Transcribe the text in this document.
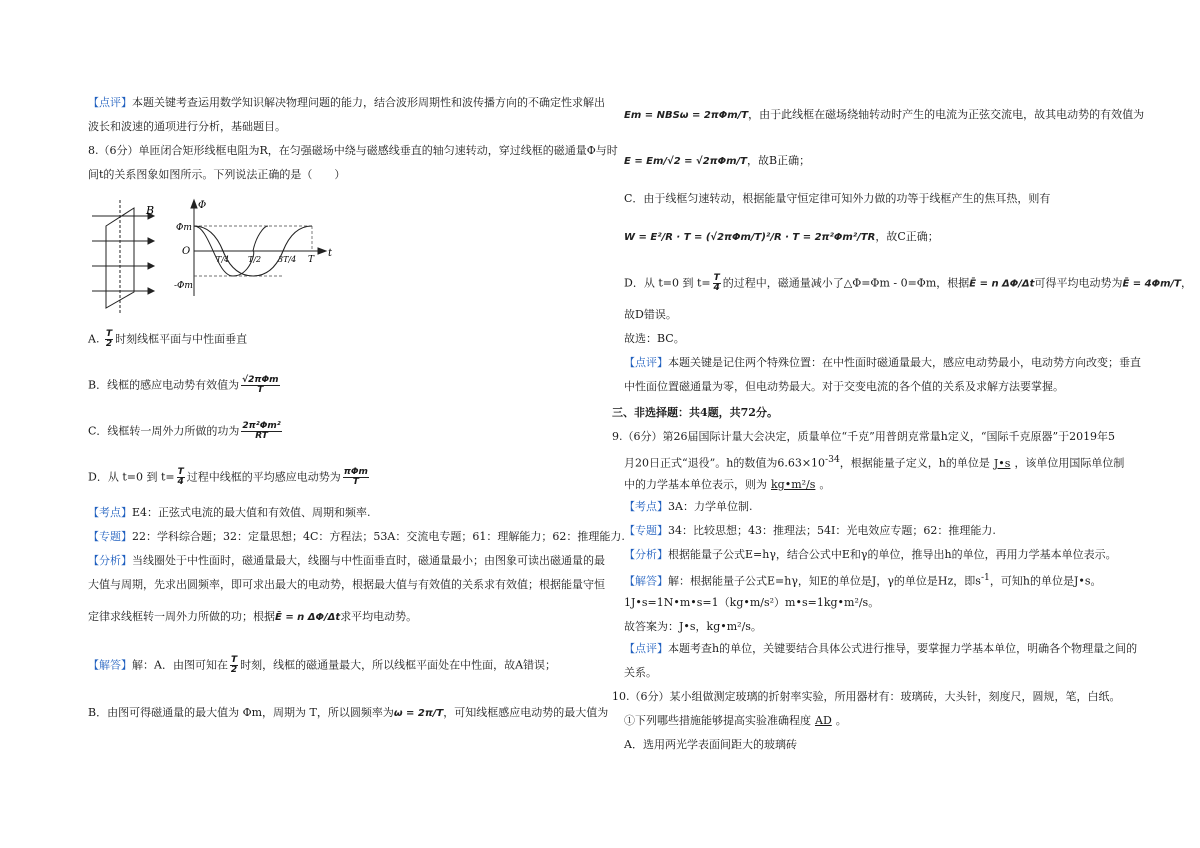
【点评】本题关键考查运用数学知识解决物理问题的能力，结合波形周期性和波传播方向的不确定性求解出
波长和波速的通项进行分析，基础题目。
8.（6分）单匝闭合矩形线框电阻为R，在匀强磁场中绕与磁感线垂直的轴匀速转动，穿过线框的磁通量Φ与时
间t的关系图象如图所示。下列说法正确的是（　　）
B	Φ
Φm
O
-Φm
t
T
T/4 T/2 3T/4
A. $\frac{T}{2}$ 时刻线框平面与中性面垂直
B．线框的感应电动势有效值为 $\frac{\text{√2πΦm}}{T}$
C．线框转一周外力所做的功为 $\frac{\text{2π²Φm²}}{RT}$
D．从 t=0 到 $t= \frac{T}{4}$ 过程中线框的平均感应电动势为 $\frac{\text{πΦm}}{T}$
【考点】E4：正弦式电流的最大值和有效值、周期和频率.
【专题】22：学科综合题；32：定量思想；4C：方程法；53A：交流电专题；61：理解能力；62：推理能力.
【分析】当线圈处于中性面时，磁通量最大，线圈与中性面垂直时，磁通量最小；由图象可读出磁通量的最
大值与周期，先求出圆频率，即可求出最大的电动势，根据最大值与有效值的关系求有效值；根据能量守恒
定律求线框转一周外力所做的功；根据Ē = n ΔΦ/Δt求平均电动势。
【解答】解：A．由图可知在 $\frac{T}{2}$ 时刻，线框的磁通量最大，所以线框平面处在中性面，故A错误；
B．由图可得磁通量的最大值为 Φm，周期为 T，所以圆频率为ω = 2π/T，可知线框感应电动势的最大值为
Em = NBSω = 2πΦm/T，由于此线框在磁场绕轴转动时产生的电流为正弦交流电，故其电动势的有效值为
E = Em/√2 = √2πΦm/T，故B正确；
C．由于线框匀速转动，根据能量守恒定律可知外力做的功等于线框产生的焦耳热，则有
W = E²/R · T = (√2πΦm/T)²/R · T = 2π²Φm²/TR，故C正确；
D．从 t=0 到 $t= \frac{T}{4}$ 的过程中，磁通量减小了△Φ=Φm - 0=Φm，根据Ē = n ΔΦ/Δt可得平均电动势为Ē = 4Φm/T，
故D错误。
故选：BC。
【点评】本题关键是记住两个特殊位置：在中性面时磁通量最大，感应电动势最小，电动势方向改变；垂直
中性面位置磁通量为零，但电动势最大。对于交变电流的各个值的关系及求解方法要掌握。
三、非选择题：共4题，共72分。
9.（6分）第26届国际计量大会决定，质量单位“千克”用普朗克常量h定义，“国际千克原器”于2019年5
月20日正式“退役”。h的数值为$6.63\times 10^{-34}$，根据能量子定义，h的单位是 J•s ，该单位用国际单位制
中的力学基本单位表示，则为 kg•m²/s 。
【考点】3A：力学单位制.
【专题】34：比较思想；43：推理法；54I：光电效应专题；62：推理能力.
【分析】根据能量子公式E=hγ，结合公式中E和γ的单位，推导出h的单位，再用力学基本单位表示。
【解答】解：根据能量子公式E=hγ，知E的单位是J，γ的单位是Hz，即$s^{-1}$，可知h的单位是J•s。
1J•s=1N•m•s=1（kg•m/s²）m•s=1kg•m²/s。
故答案为：J•s，kg•m²/s。
【点评】本题考查h的单位，关键要结合具体公式进行推导，要掌握力学基本单位，明确各个物理量之间的
关系。
10.（6分）某小组做测定玻璃的折射率实验，所用器材有：玻璃砖，大头针，刻度尺，圆规，笔，白纸。
①下列哪些措施能够提高实验准确程度 AD 。
A．选用两光学表面间距大的玻璃砖
